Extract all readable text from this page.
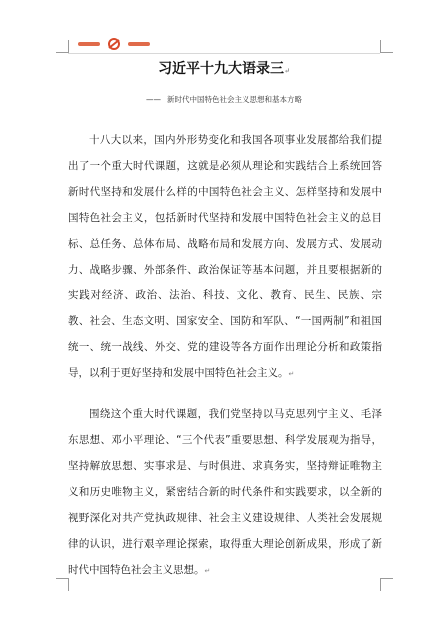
习近平十九大语录三↵
—— 新时代中国特色社会主义思想和基本方略

十八大以来，国内外形势变化和我国各项事业发展都给我们提出了一个重大时代课题，这就是必须从理论和实践结合上系统回答新时代坚持和发展什么样的中国特色社会主义、怎样坚持和发展中国特色社会主义，包括新时代坚持和发展中国特色社会主义的总目标、总任务、总体布局、战略布局和发展方向、发展方式、发展动力、战略步骤、外部条件、政治保证等基本问题，并且要根据新的实践对经济、政治、法治、科技、文化、教育、民生、民族、宗教、社会、生态文明、国家安全、国防和军队、“一国两制”和祖国统一、统一战线、外交、党的建设等各方面作出理论分析和政策指导，以利于更好坚持和发展中国特色社会主义。↵

围绕这个重大时代课题，我们党坚持以马克思列宁主义、毛泽东思想、邓小平理论、“三个代表”重要思想、科学发展观为指导，坚持解放思想、实事求是、与时俱进、求真务实，坚持辩证唯物主义和历史唯物主义，紧密结合新的时代条件和实践要求，以全新的视野深化对共产党执政规律、社会主义建设规律、人类社会发展规律的认识，进行艰辛理论探索，取得重大理论创新成果，形成了新时代中国特色社会主义思想。↵
